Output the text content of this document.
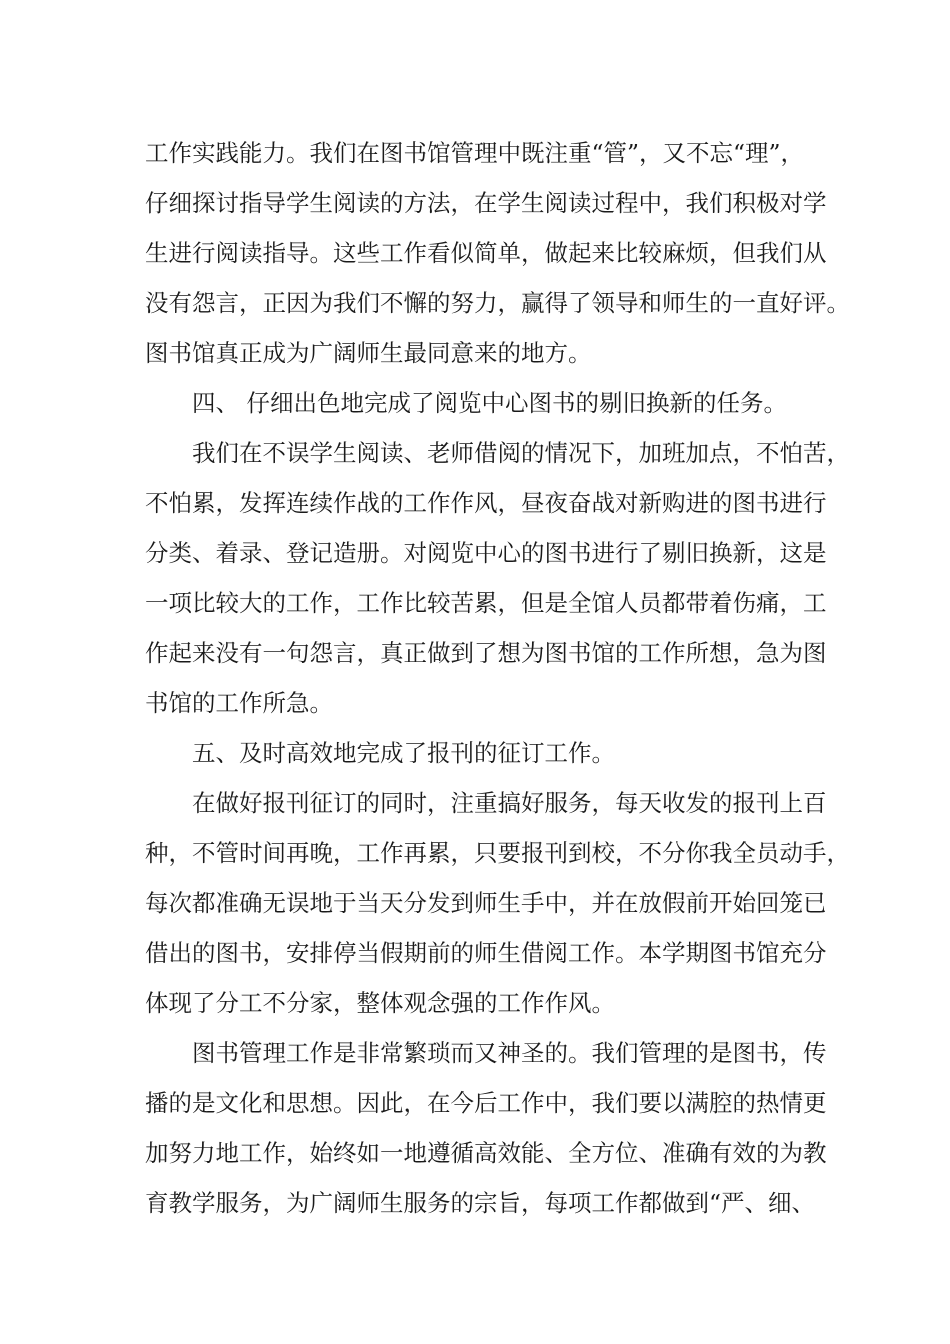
工作实践能力。我们在图书馆管理中既注重“管”，又不忘“理”，
仔细探讨指导学生阅读的方法，在学生阅读过程中，我们积极对学
生进行阅读指导。这些工作看似简单，做起来比较麻烦，但我们从
没有怨言，正因为我们不懈的努力，赢得了领导和师生的一直好评。
图书馆真正成为广阔师生最同意来的地方。
四、 仔细出色地完成了阅览中心图书的剔旧换新的任务。
我们在不误学生阅读、老师借阅的情况下，加班加点，不怕苦，
不怕累，发挥连续作战的工作作风，昼夜奋战对新购进的图书进行
分类、着录、登记造册。对阅览中心的图书进行了剔旧换新，这是
一项比较大的工作，工作比较苦累，但是全馆人员都带着伤痛，工
作起来没有一句怨言，真正做到了想为图书馆的工作所想，急为图
书馆的工作所急。
五、及时高效地完成了报刊的征订工作。
在做好报刊征订的同时，注重搞好服务，每天收发的报刊上百
种，不管时间再晚，工作再累，只要报刊到校，不分你我全员动手，
每次都准确无误地于当天分发到师生手中，并在放假前开始回笼已
借出的图书，安排停当假期前的师生借阅工作。本学期图书馆充分
体现了分工不分家，整体观念强的工作作风。
图书管理工作是非常繁琐而又神圣的。我们管理的是图书，传
播的是文化和思想。因此，在今后工作中，我们要以满腔的热情更
加努力地工作，始终如一地遵循高效能、全方位、准确有效的为教
育教学服务，为广阔师生服务的宗旨，每项工作都做到“严、细、
